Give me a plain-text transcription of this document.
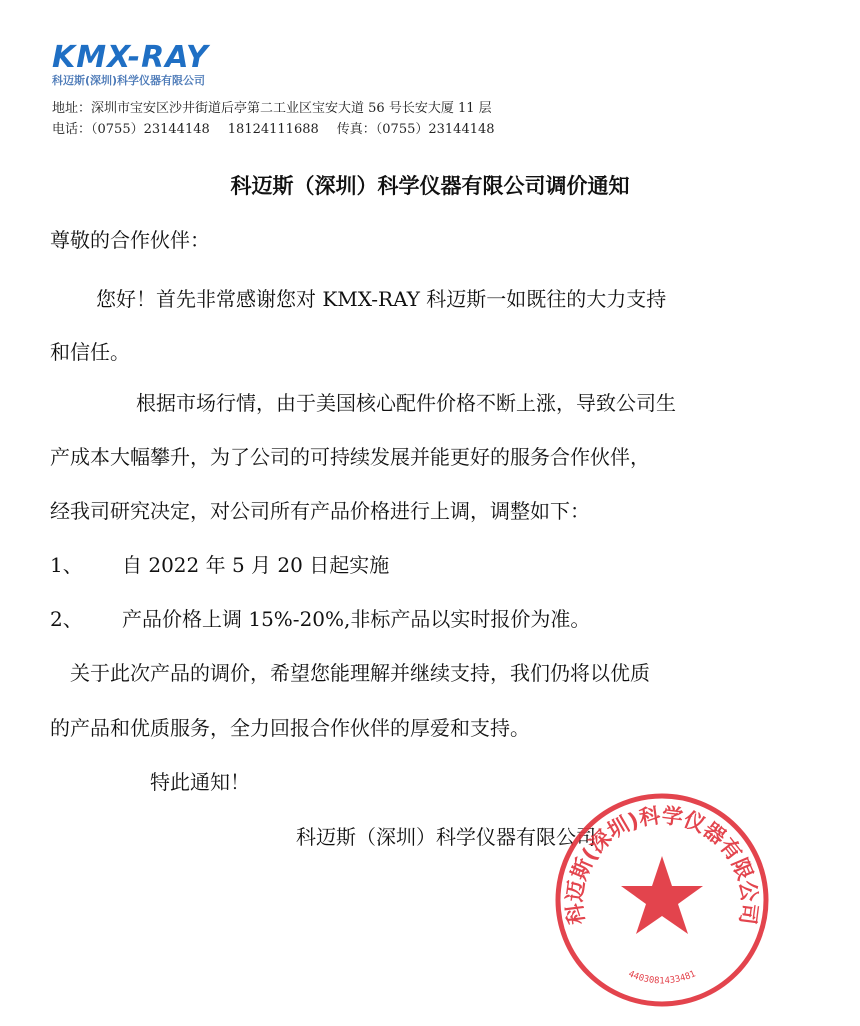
KMX-RAY
科迈斯(深圳)科学仪器有限公司
地址：深圳市宝安区沙井街道后亭第二工业区宝安大道 56 号长安大厦 11 层
电话：（0755）23144148 18124111688 传真：（0755）23144148
科迈斯（深圳）科学仪器有限公司调价通知
尊敬的合作伙伴：
您好！首先非常感谢您对 KMX-RAY 科迈斯一如既往的大力支持
和信任。
根据市场行情，由于美国核心配件价格不断上涨，导致公司生
产成本大幅攀升，为了公司的可持续发展并能更好的服务合作伙伴，
经我司研究决定，对公司所有产品价格进行上调，调整如下：
1、 自 2022 年 5 月 20 日起实施
2、 产品价格上调 15%-20%,非标产品以实时报价为准。
关于此次产品的调价，希望您能理解并继续支持，我们仍将以优质
的产品和优质服务，全力回报合作伙伴的厚爱和支持。
特此通知！
科迈斯（深圳）科学仪器有限公司
科迈斯(深圳)科学仪器有限公司
4403081433481
